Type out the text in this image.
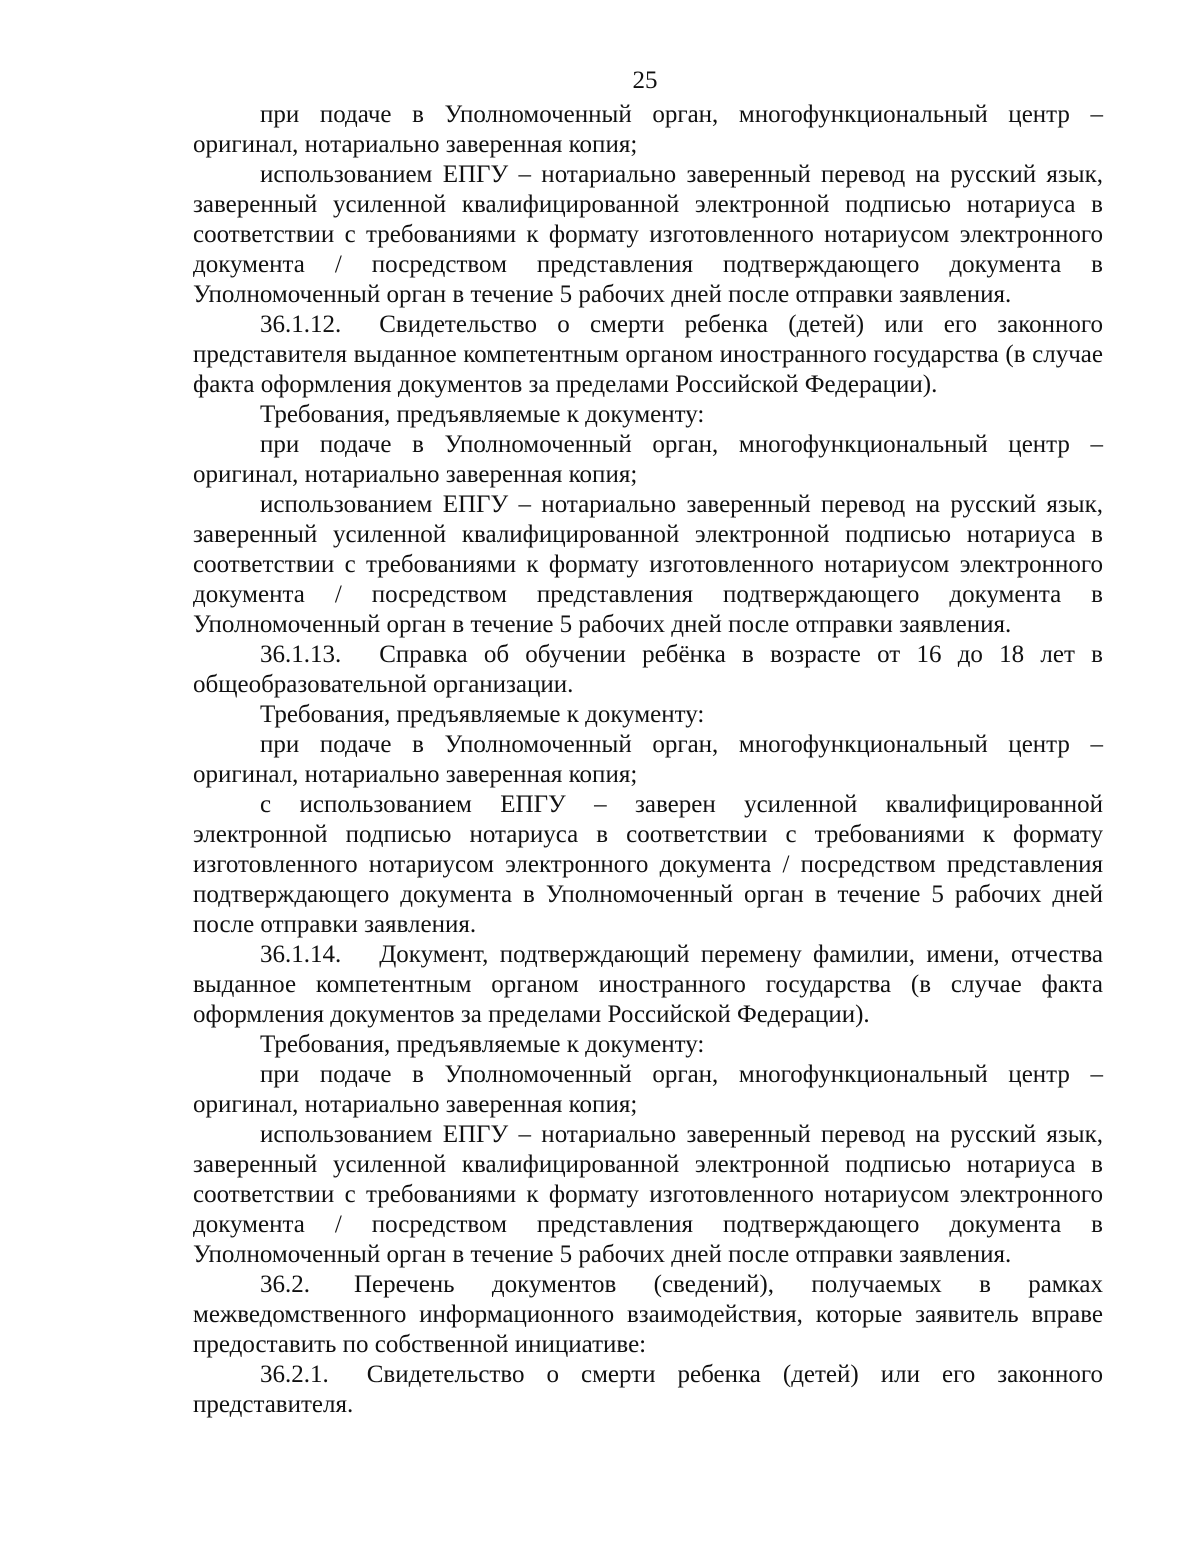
25

при подаче в Уполномоченный орган, многофункциональный центр – оригинал, нотариально заверенная копия;

использованием ЕПГУ – нотариально заверенный перевод на русский язык, заверенный усиленной квалифицированной электронной подписью нотариуса в соответствии с требованиями к формату изготовленного нотариусом электронного документа / посредством представления подтверждающего документа в Уполномоченный орган в течение 5 рабочих дней после отправки заявления.

36.1.12. Свидетельство о смерти ребенка (детей) или его законного представителя выданное компетентным органом иностранного государства (в случае факта оформления документов за пределами Российской Федерации).

Требования, предъявляемые к документу:

при подаче в Уполномоченный орган, многофункциональный центр – оригинал, нотариально заверенная копия;

использованием ЕПГУ – нотариально заверенный перевод на русский язык, заверенный усиленной квалифицированной электронной подписью нотариуса в соответствии с требованиями к формату изготовленного нотариусом электронного документа / посредством представления подтверждающего документа в Уполномоченный орган в течение 5 рабочих дней после отправки заявления.

36.1.13. Справка об обучении ребёнка в возрасте от 16 до 18 лет в общеобразовательной организации.

Требования, предъявляемые к документу:

при подаче в Уполномоченный орган, многофункциональный центр – оригинал, нотариально заверенная копия;

с использованием ЕПГУ – заверен усиленной квалифицированной электронной подписью нотариуса в соответствии с требованиями к формату изготовленного нотариусом электронного документа / посредством представления подтверждающего документа в Уполномоченный орган в течение 5 рабочих дней после отправки заявления.

36.1.14. Документ, подтверждающий перемену фамилии, имени, отчества выданное компетентным органом иностранного государства (в случае факта оформления документов за пределами Российской Федерации).

Требования, предъявляемые к документу:

при подаче в Уполномоченный орган, многофункциональный центр – оригинал, нотариально заверенная копия;

использованием ЕПГУ – нотариально заверенный перевод на русский язык, заверенный усиленной квалифицированной электронной подписью нотариуса в соответствии с требованиями к формату изготовленного нотариусом электронного документа / посредством представления подтверждающего документа в Уполномоченный орган в течение 5 рабочих дней после отправки заявления.

36.2. Перечень документов (сведений), получаемых в рамках межведомственного информационного взаимодействия, которые заявитель вправе предоставить по собственной инициативе:

36.2.1. Свидетельство о смерти ребенка (детей) или его законного представителя.
